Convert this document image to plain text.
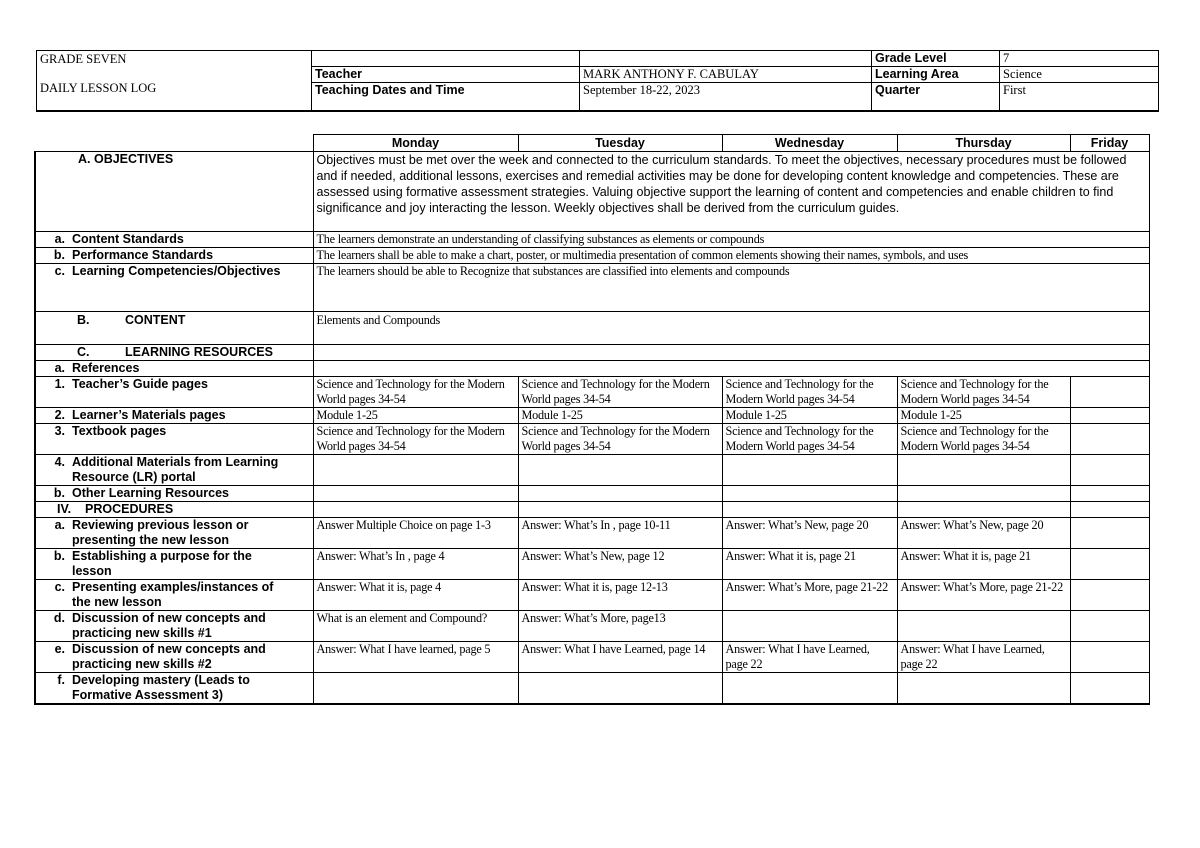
GRADE SEVEN
DAILY LESSON LOG			Grade Level	7
	Teacher	MARK ANTHONY F. CABULAY	Learning Area	Science
	Teaching Dates and Time	September 18-22, 2023	Quarter	First
	Monday	Tuesday	Wednesday	Thursday	Friday
A. OBJECTIVES	Objectives must be met over the week and connected to the curriculum standards. To meet the objectives, necessary procedures must be followed and if needed, additional lessons, exercises and remedial activities may be done for developing content knowledge and competencies. These are assessed using formative assessment strategies. Valuing objective support the learning of content and competencies and enable children to find significance and joy interacting the lesson. Weekly objectives shall be derived from the curriculum guides.				
a. Content Standards	The learners demonstrate an understanding of classifying substances as elements or compounds				
b. Performance Standards	The learners shall be able to make a chart, poster, or multimedia presentation of common elements showing their names, symbols, and uses				
c. Learning Competencies/Objectives	The learners should be able to Recognize that substances are classified into elements and compounds				
B. CONTENT	Elements and Compounds				
C. LEARNING RESOURCES					
a. References					
1. Teacher’s Guide pages	Science and Technology for the Modern World pages 34-54	Science and Technology for the Modern World pages 34-54	Science and Technology for the Modern World pages 34-54	Science and Technology for the Modern World pages 34-54	
2. Learner’s Materials pages	Module 1-25	Module 1-25	Module 1-25	Module 1-25	
3. Textbook pages	Science and Technology for the Modern World pages 34-54	Science and Technology for the Modern World pages 34-54	Science and Technology for the Modern World pages 34-54	Science and Technology for the Modern World pages 34-54	
4. Additional Materials from Learning Resource (LR) portal					
b. Other Learning Resources					
IV. PROCEDURES					
a. Reviewing previous lesson or presenting the new lesson	Answer Multiple Choice on page 1-3	Answer: What’s In , page 10-11	Answer: What’s New, page 20	Answer: What’s New, page 20	
b. Establishing a purpose for the lesson	Answer: What’s In , page 4	Answer: What’s New, page 12	Answer: What it is, page 21	Answer: What it is, page 21	
c. Presenting examples/instances of the new lesson	Answer: What it is, page 4	Answer: What it is, page 12-13	Answer: What’s More, page 21-22	Answer: What’s More, page 21-22	
d. Discussion of new concepts and practicing new skills #1	What is an element and Compound?	Answer: What’s More, page13			
e. Discussion of new concepts and practicing new skills #2	Answer: What I have learned, page 5	Answer: What I have Learned, page 14	Answer: What I have Learned, page 22	Answer: What I have Learned, page 22	
f. Developing mastery (Leads to Formative Assessment 3)					
